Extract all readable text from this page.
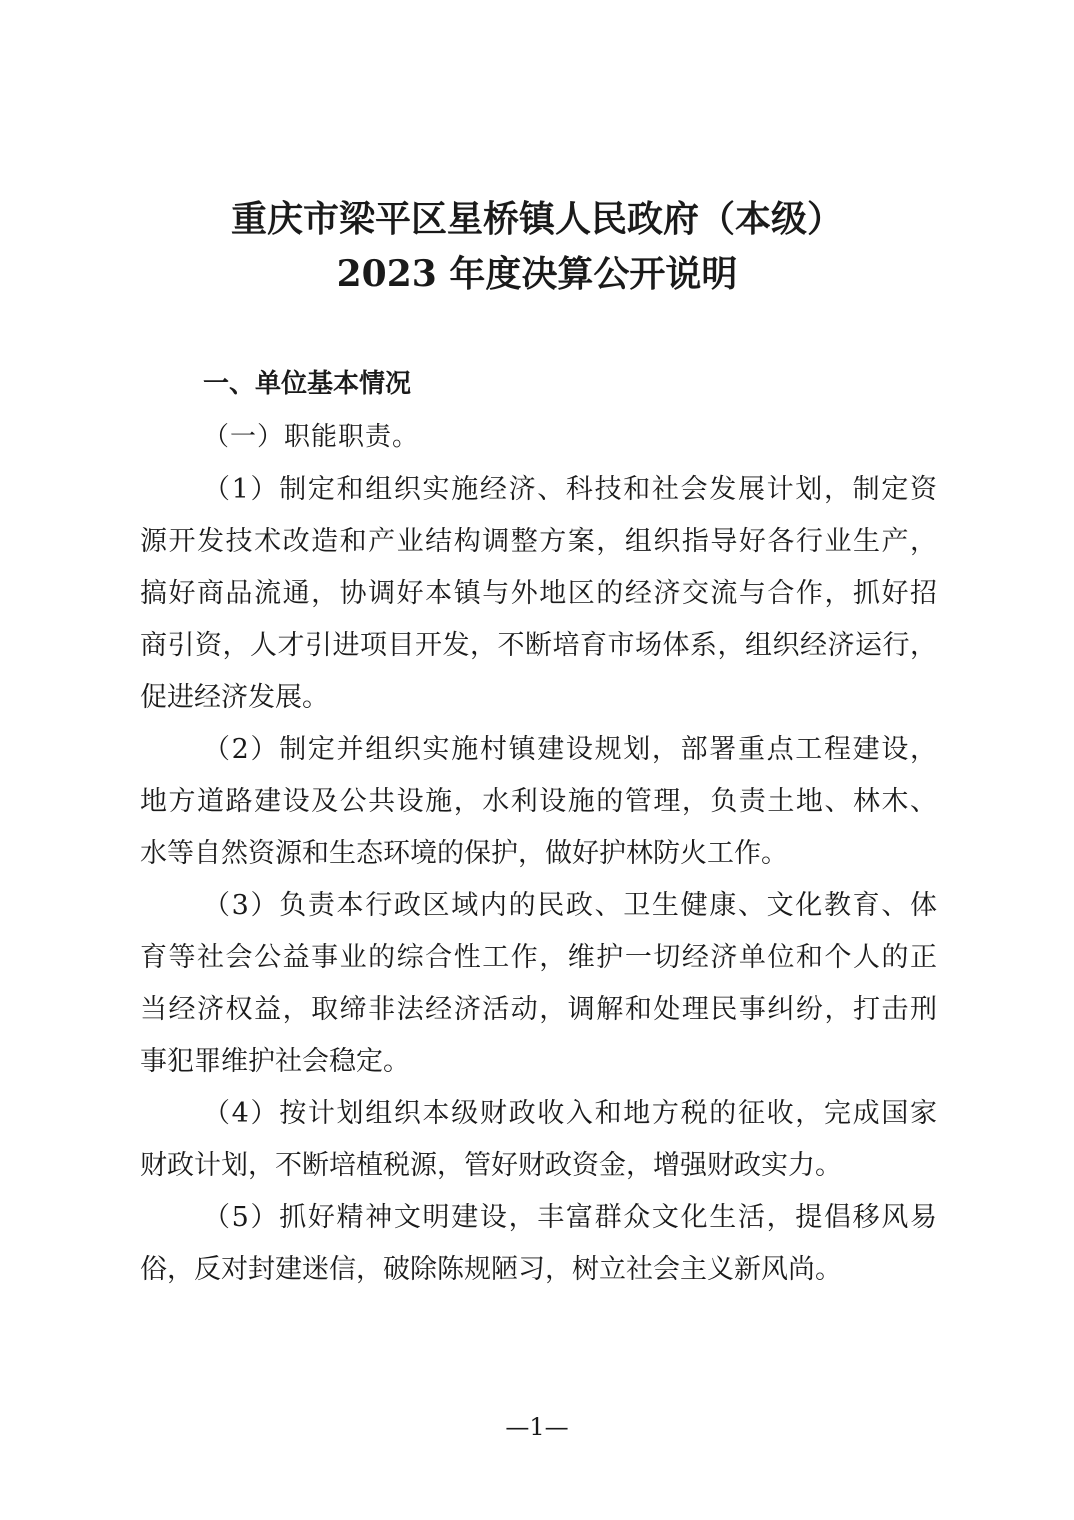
重庆市梁平区星桥镇人民政府（本级）
2023 年度决算公开说明
一、单位基本情况
（一）职能职责。
（1）制定和组织实施经济、科技和社会发展计划，制定资
源开发技术改造和产业结构调整方案，组织指导好各行业生产，
搞好商品流通，协调好本镇与外地区的经济交流与合作，抓好招
商引资，人才引进项目开发，不断培育市场体系，组织经济运行，
促进经济发展。
（2）制定并组织实施村镇建设规划，部署重点工程建设，
地方道路建设及公共设施，水利设施的管理，负责土地、林木、
水等自然资源和生态环境的保护，做好护林防火工作。
（3）负责本行政区域内的民政、卫生健康、文化教育、体
育等社会公益事业的综合性工作，维护一切经济单位和个人的正
当经济权益，取缔非法经济活动，调解和处理民事纠纷，打击刑
事犯罪维护社会稳定。
（4）按计划组织本级财政收入和地方税的征收，完成国家
财政计划，不断培植税源，管好财政资金，增强财政实力。
（5）抓好精神文明建设，丰富群众文化生活，提倡移风易
俗，反对封建迷信，破除陈规陋习，树立社会主义新风尚。
—1—
